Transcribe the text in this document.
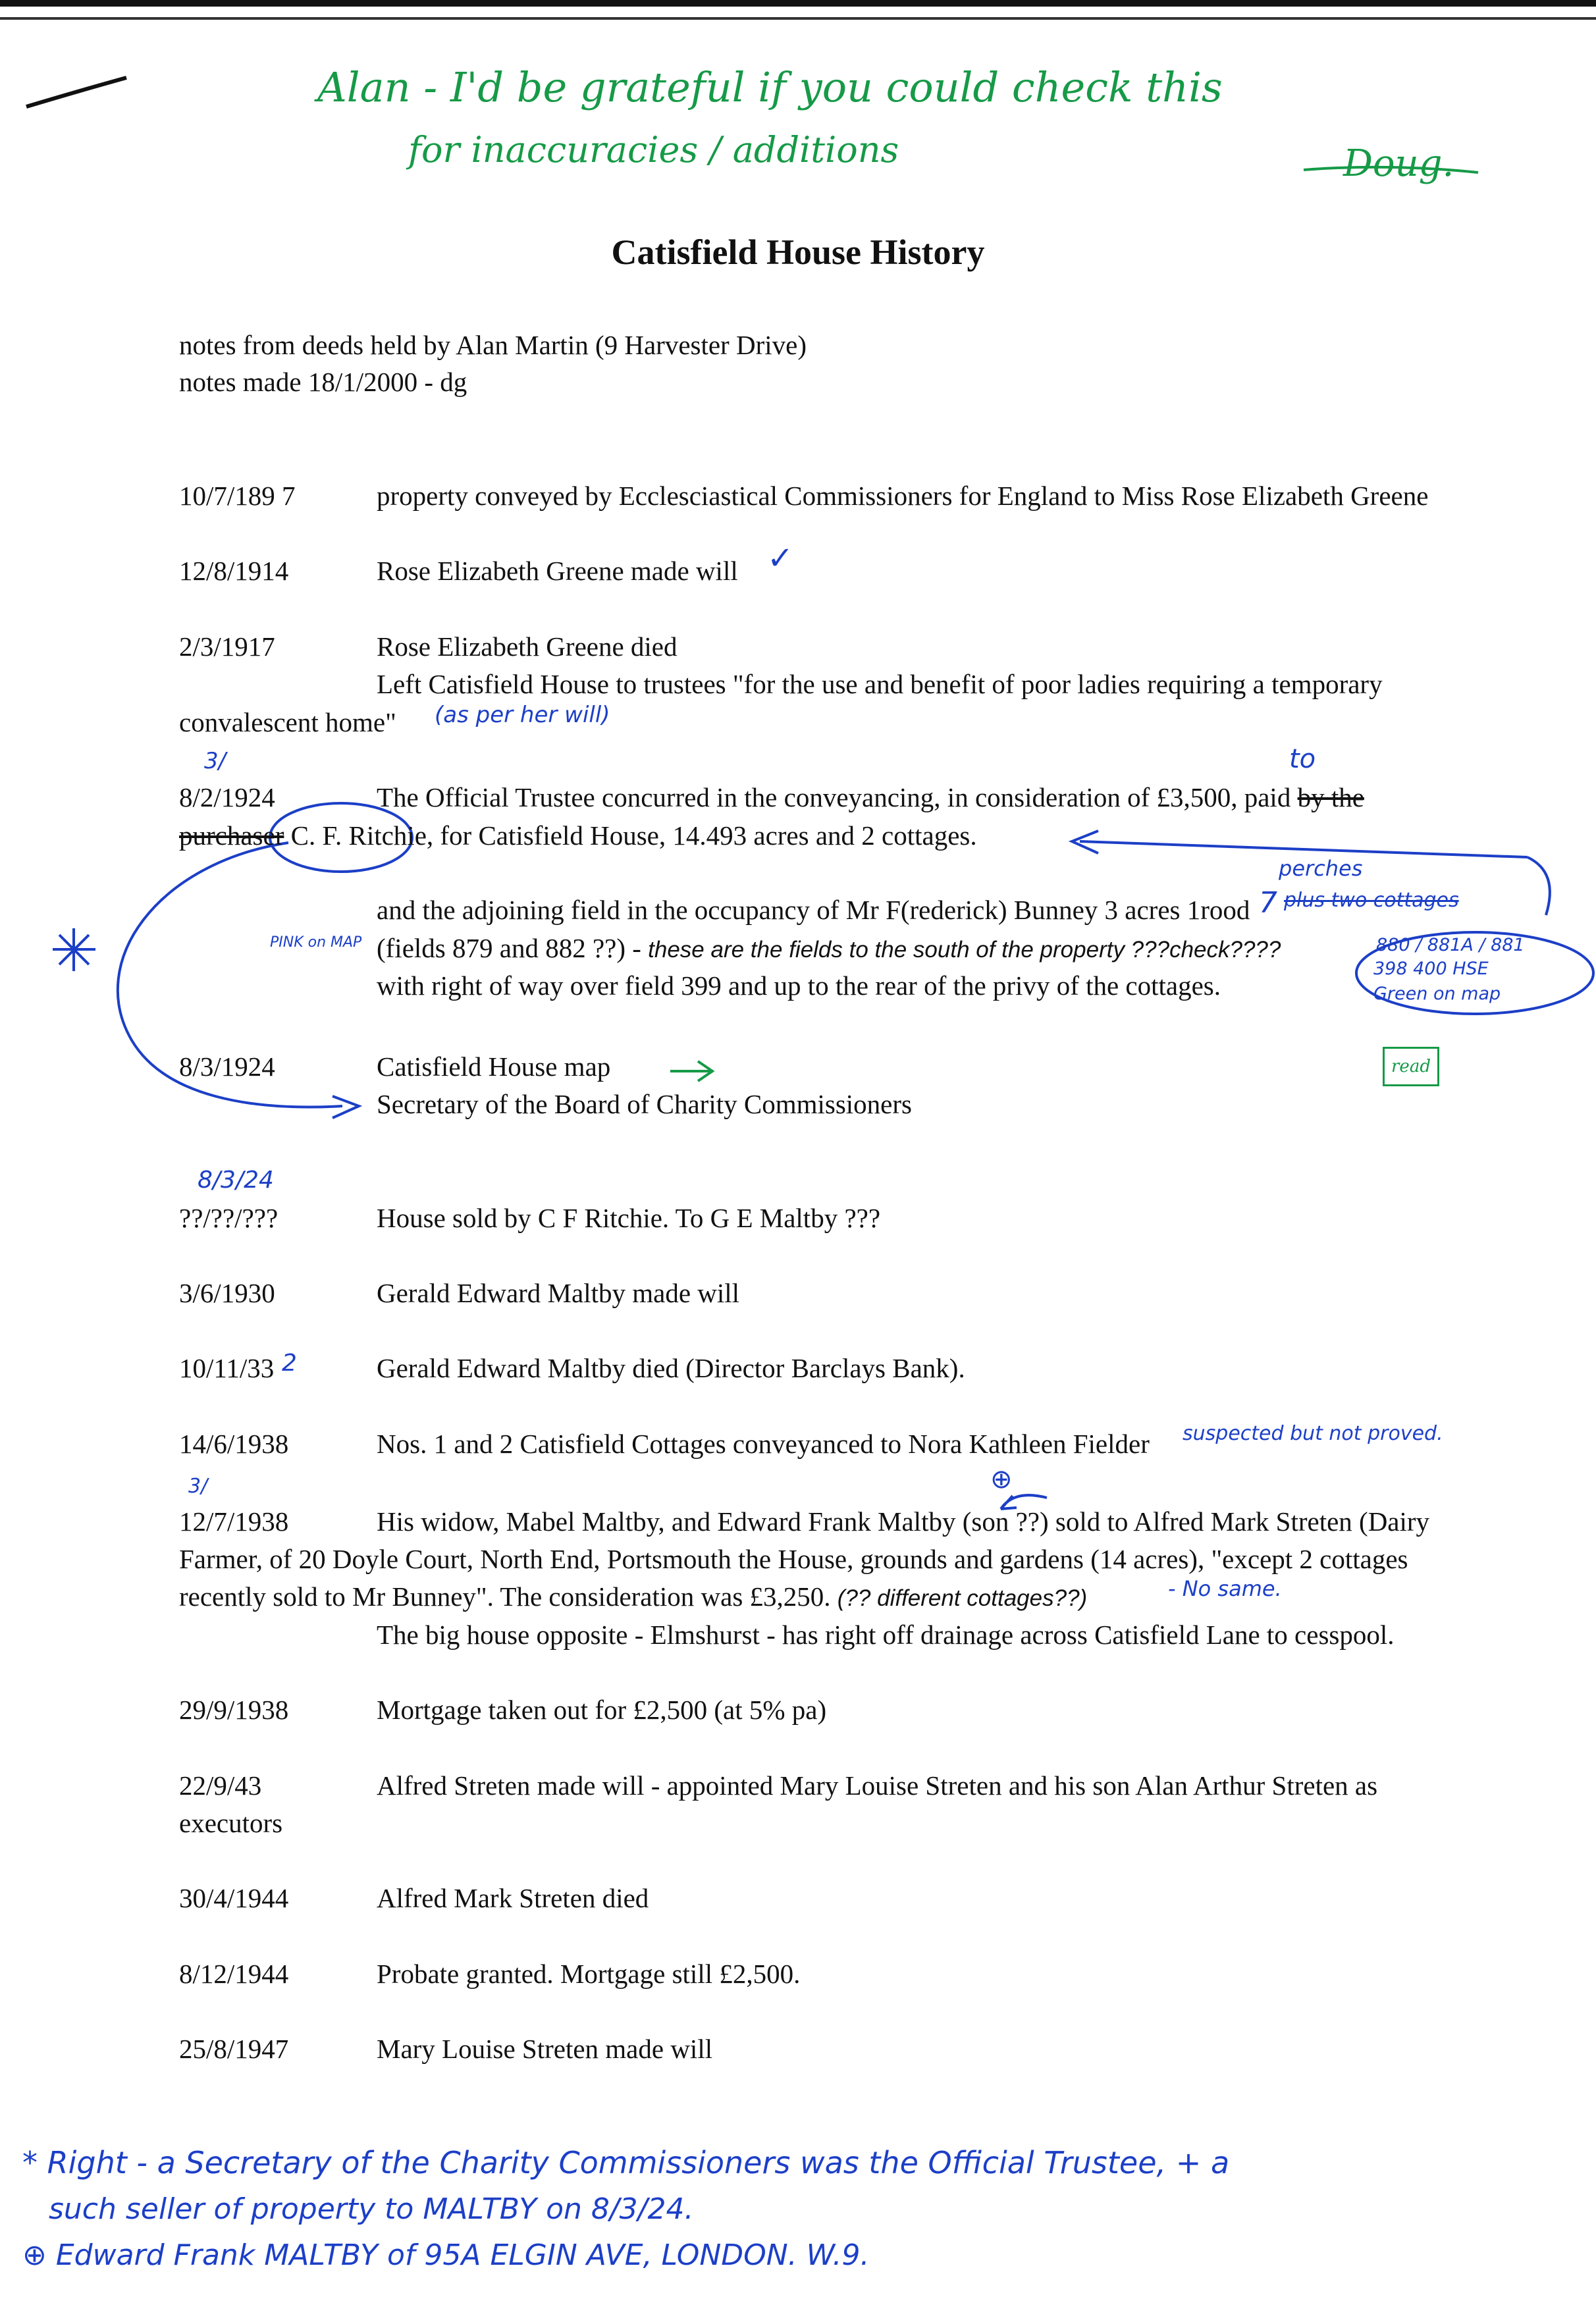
Alan - I'd be grateful if you could check this
for inaccuracies / additions	Doug.
Catisfield House History
notes from deeds held by Alan Martin (9 Harvester Drive)
notes made 18/1/2000 - dg
10/7/189 7	property conveyed by Ecclesciastical Commissioners for England to Miss Rose Elizabeth Greene
12/8/1914	Rose Elizabeth Greene made will ✓
2/3/1917	Rose Elizabeth Greene died
Left Catisfield House to trustees "for the use and benefit of poor ladies requiring a temporary
convalescent home" (as per her will)
3/
8/2/1924	The Official Trustee concurred in the conveyancing, in consideration of £3,500, paid by the
to
purchaser C. F. Ritchie, for Catisfield House, 14.493 acres and 2 cottages.
and the adjoining field in the occupancy of Mr F(rederick) Bunney 3 acres 1rood
perches
7 plus two cottages
(fields 879 and 882 ??) - these are the fields to the south of the property ???check????
PINK on MAP	880 / 881A / 881
398 400 HSE
Green on map
with right of way over field 399 and up to the rear of the privy of the cottages.
read
8/3/1924	Catisfield House map
Secretary of the Board of Charity Commissioners
8/3/24
??/??/???	House sold by C F Ritchie. To G E Maltby ???
3/6/1930	Gerald Edward Maltby made will
10/11/33 2	Gerald Edward Maltby died (Director Barclays Bank).
14/6/1938	Nos. 1 and 2 Catisfield Cottages conveyanced to Nora Kathleen Fielder suspected but not proved.
3/	⊕
12/7/1938	His widow, Mabel Maltby, and Edward Frank Maltby (son ??) sold to Alfred Mark Streten (Dairy
Farmer, of 20 Doyle Court, North End, Portsmouth the House, grounds and gardens (14 acres), "except 2 cottages
recently sold to Mr Bunney". The consideration was £3,250. (?? different cottages??)	- No same.
The big house opposite - Elmshurst - has right off drainage across Catisfield Lane to cesspool.
29/9/1938	Mortgage taken out for £2,500 (at 5% pa)
22/9/43	Alfred Streten made will - appointed Mary Louise Streten and his son Alan Arthur Streten as
executors
30/4/1944	Alfred Mark Streten died
8/12/1944	Probate granted. Mortgage still £2,500.
25/8/1947	Mary Louise Streten made will
*
* Right - a Secretary of the Charity Commissioners was the Official Trustee, + a
such seller of property to MALTBY on 8/3/24.
⊕ Edward Frank MALTBY of 95A ELGIN AVE, LONDON. W.9.
